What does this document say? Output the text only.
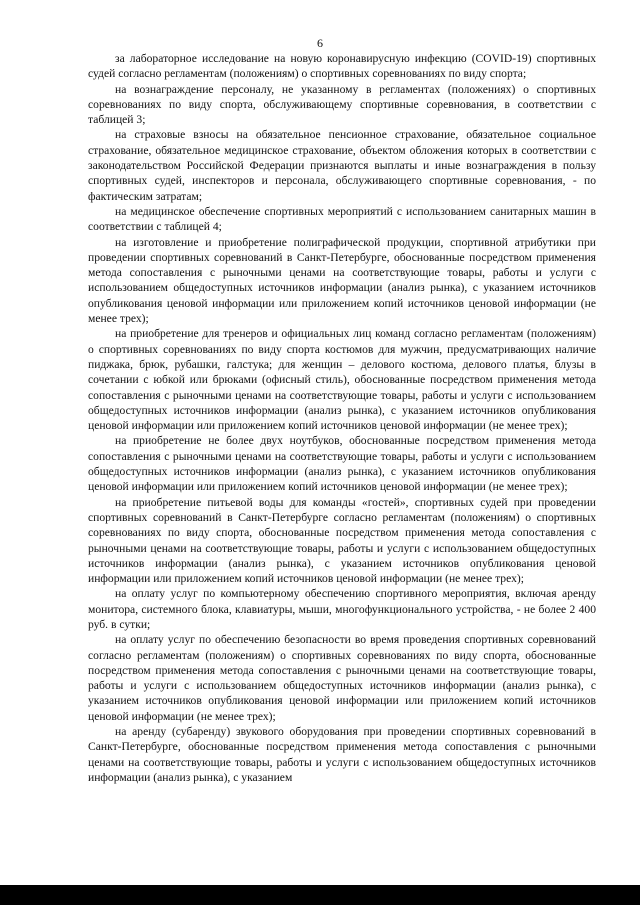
6

за лабораторное исследование на новую коронавирусную инфекцию (COVID-19) спортивных судей согласно регламентам (положениям) о спортивных соревнованиях по виду спорта;

на вознаграждение персоналу, не указанному в регламентах (положениях) о спортивных соревнованиях по виду спорта, обслуживающему спортивные соревнования, в соответствии с таблицей 3;

на страховые взносы на обязательное пенсионное страхование, обязательное социальное страхование, обязательное медицинское страхование, объектом обложения которых в соответствии с законодательством Российской Федерации признаются выплаты и иные вознаграждения в пользу спортивных судей, инспекторов и персонала, обслуживающего спортивные соревнования, - по фактическим затратам;

на медицинское обеспечение спортивных мероприятий с использованием санитарных машин в соответствии с таблицей 4;

на изготовление и приобретение полиграфической продукции, спортивной атрибутики при проведении спортивных соревнований в Санкт-Петербурге, обоснованные посредством применения метода сопоставления с рыночными ценами на соответствующие товары, работы и услуги с использованием общедоступных источников информации (анализ рынка), с указанием источников опубликования ценовой информации или приложением копий источников ценовой информации (не менее трех);

на приобретение для тренеров и официальных лиц команд согласно регламентам (положениям) о спортивных соревнованиях по виду спорта костюмов для мужчин, предусматривающих наличие пиджака, брюк, рубашки, галстука; для женщин – делового костюма, делового платья, блузы в сочетании с юбкой или брюками (офисный стиль), обоснованные посредством применения метода сопоставления с рыночными ценами на соответствующие товары, работы и услуги с использованием общедоступных источников информации (анализ рынка), с указанием источников опубликования ценовой информации или приложением копий источников ценовой информации (не менее трех);

на приобретение не более двух ноутбуков, обоснованные посредством применения метода сопоставления с рыночными ценами на соответствующие товары, работы и услуги с использованием общедоступных источников информации (анализ рынка), с указанием источников опубликования ценовой информации или приложением копий источников ценовой информации (не менее трех);

на приобретение питьевой воды для команды «гостей», спортивных судей при проведении спортивных соревнований в Санкт-Петербурге согласно регламентам (положениям) о спортивных соревнованиях по виду спорта, обоснованные посредством применения метода сопоставления с рыночными ценами на соответствующие товары, работы и услуги с использованием общедоступных источников информации (анализ рынка), с указанием источников опубликования ценовой информации или приложением копий источников ценовой информации (не менее трех);

на оплату услуг по компьютерному обеспечению спортивного мероприятия, включая аренду монитора, системного блока, клавиатуры, мыши, многофункционального устройства, - не более 2 400 руб. в сутки;

на оплату услуг по обеспечению безопасности во время проведения спортивных соревнований согласно регламентам (положениям) о спортивных соревнованиях по виду спорта, обоснованные посредством применения метода сопоставления с рыночными ценами на соответствующие товары, работы и услуги с использованием общедоступных источников информации (анализ рынка), с указанием источников опубликования ценовой информации или приложением копий источников ценовой информации (не менее трех);

на аренду (субаренду) звукового оборудования при проведении спортивных соревнований в Санкт-Петербурге, обоснованные посредством применения метода сопоставления с рыночными ценами на соответствующие товары, работы и услуги с использованием общедоступных источников информации (анализ рынка), с указанием
